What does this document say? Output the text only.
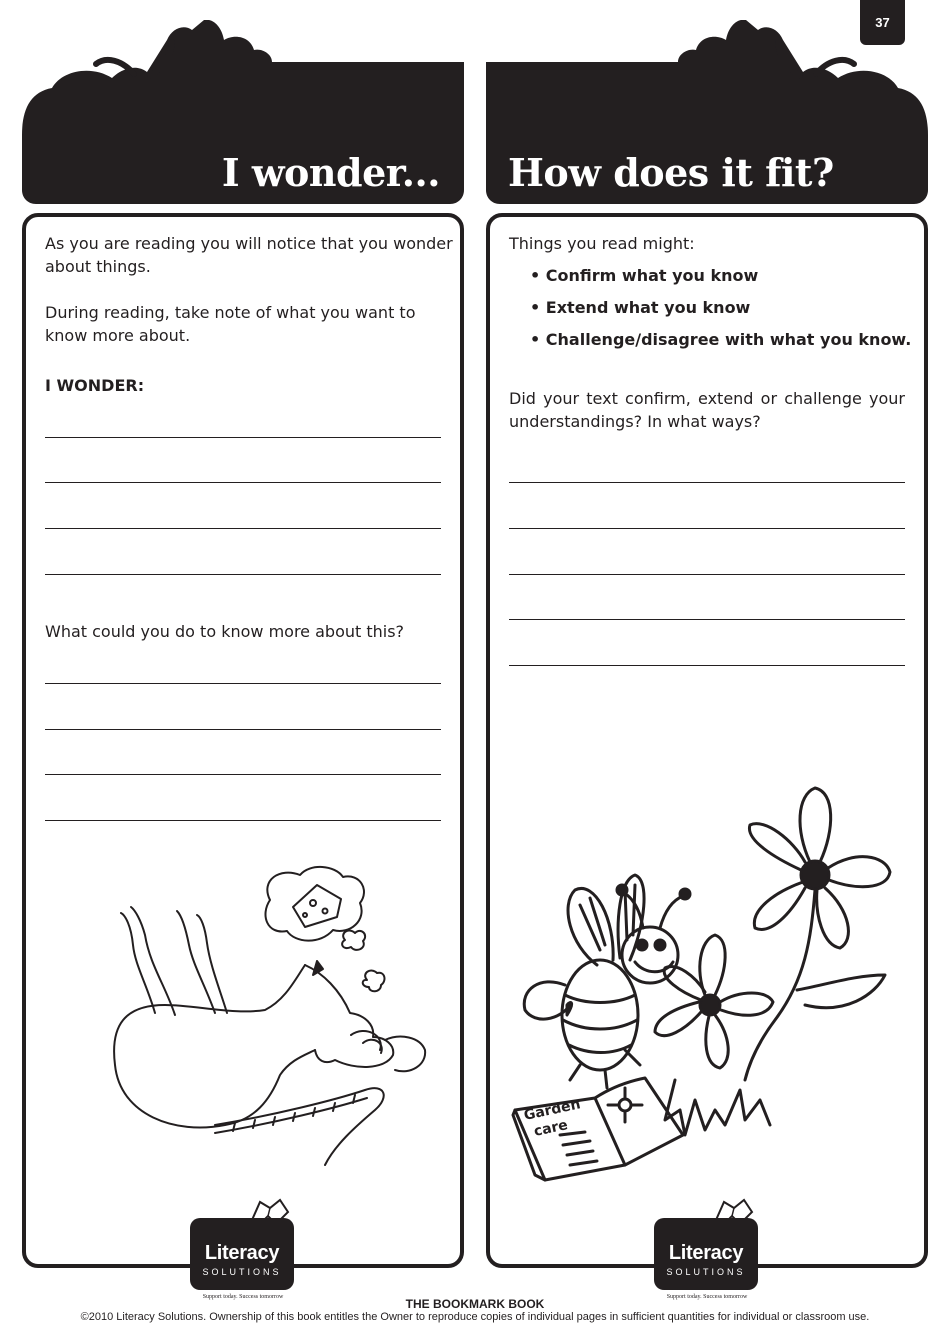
37
I wonder... How does it fit?
As you are reading you will notice that you wonder
about things.
During reading, take note of what you want to
know more about.
I WONDER:
What could you do to know more about this?
Literacy
SOLUTIONS
Support today. Success tomorrow
Things you read might:
• Confirm what you know
• Extend what you know
• Challenge/disagree with what you know.
Did your text confirm, extend or challenge your
understandings? In what ways?
Garden
care
Literacy
SOLUTIONS
Support today. Success tomorrow
THE BOOKMARK BOOK
©2010 Literacy Solutions. Ownership of this book entitles the Owner to reproduce copies of individual pages in sufficient quantities for individual or classroom use.
